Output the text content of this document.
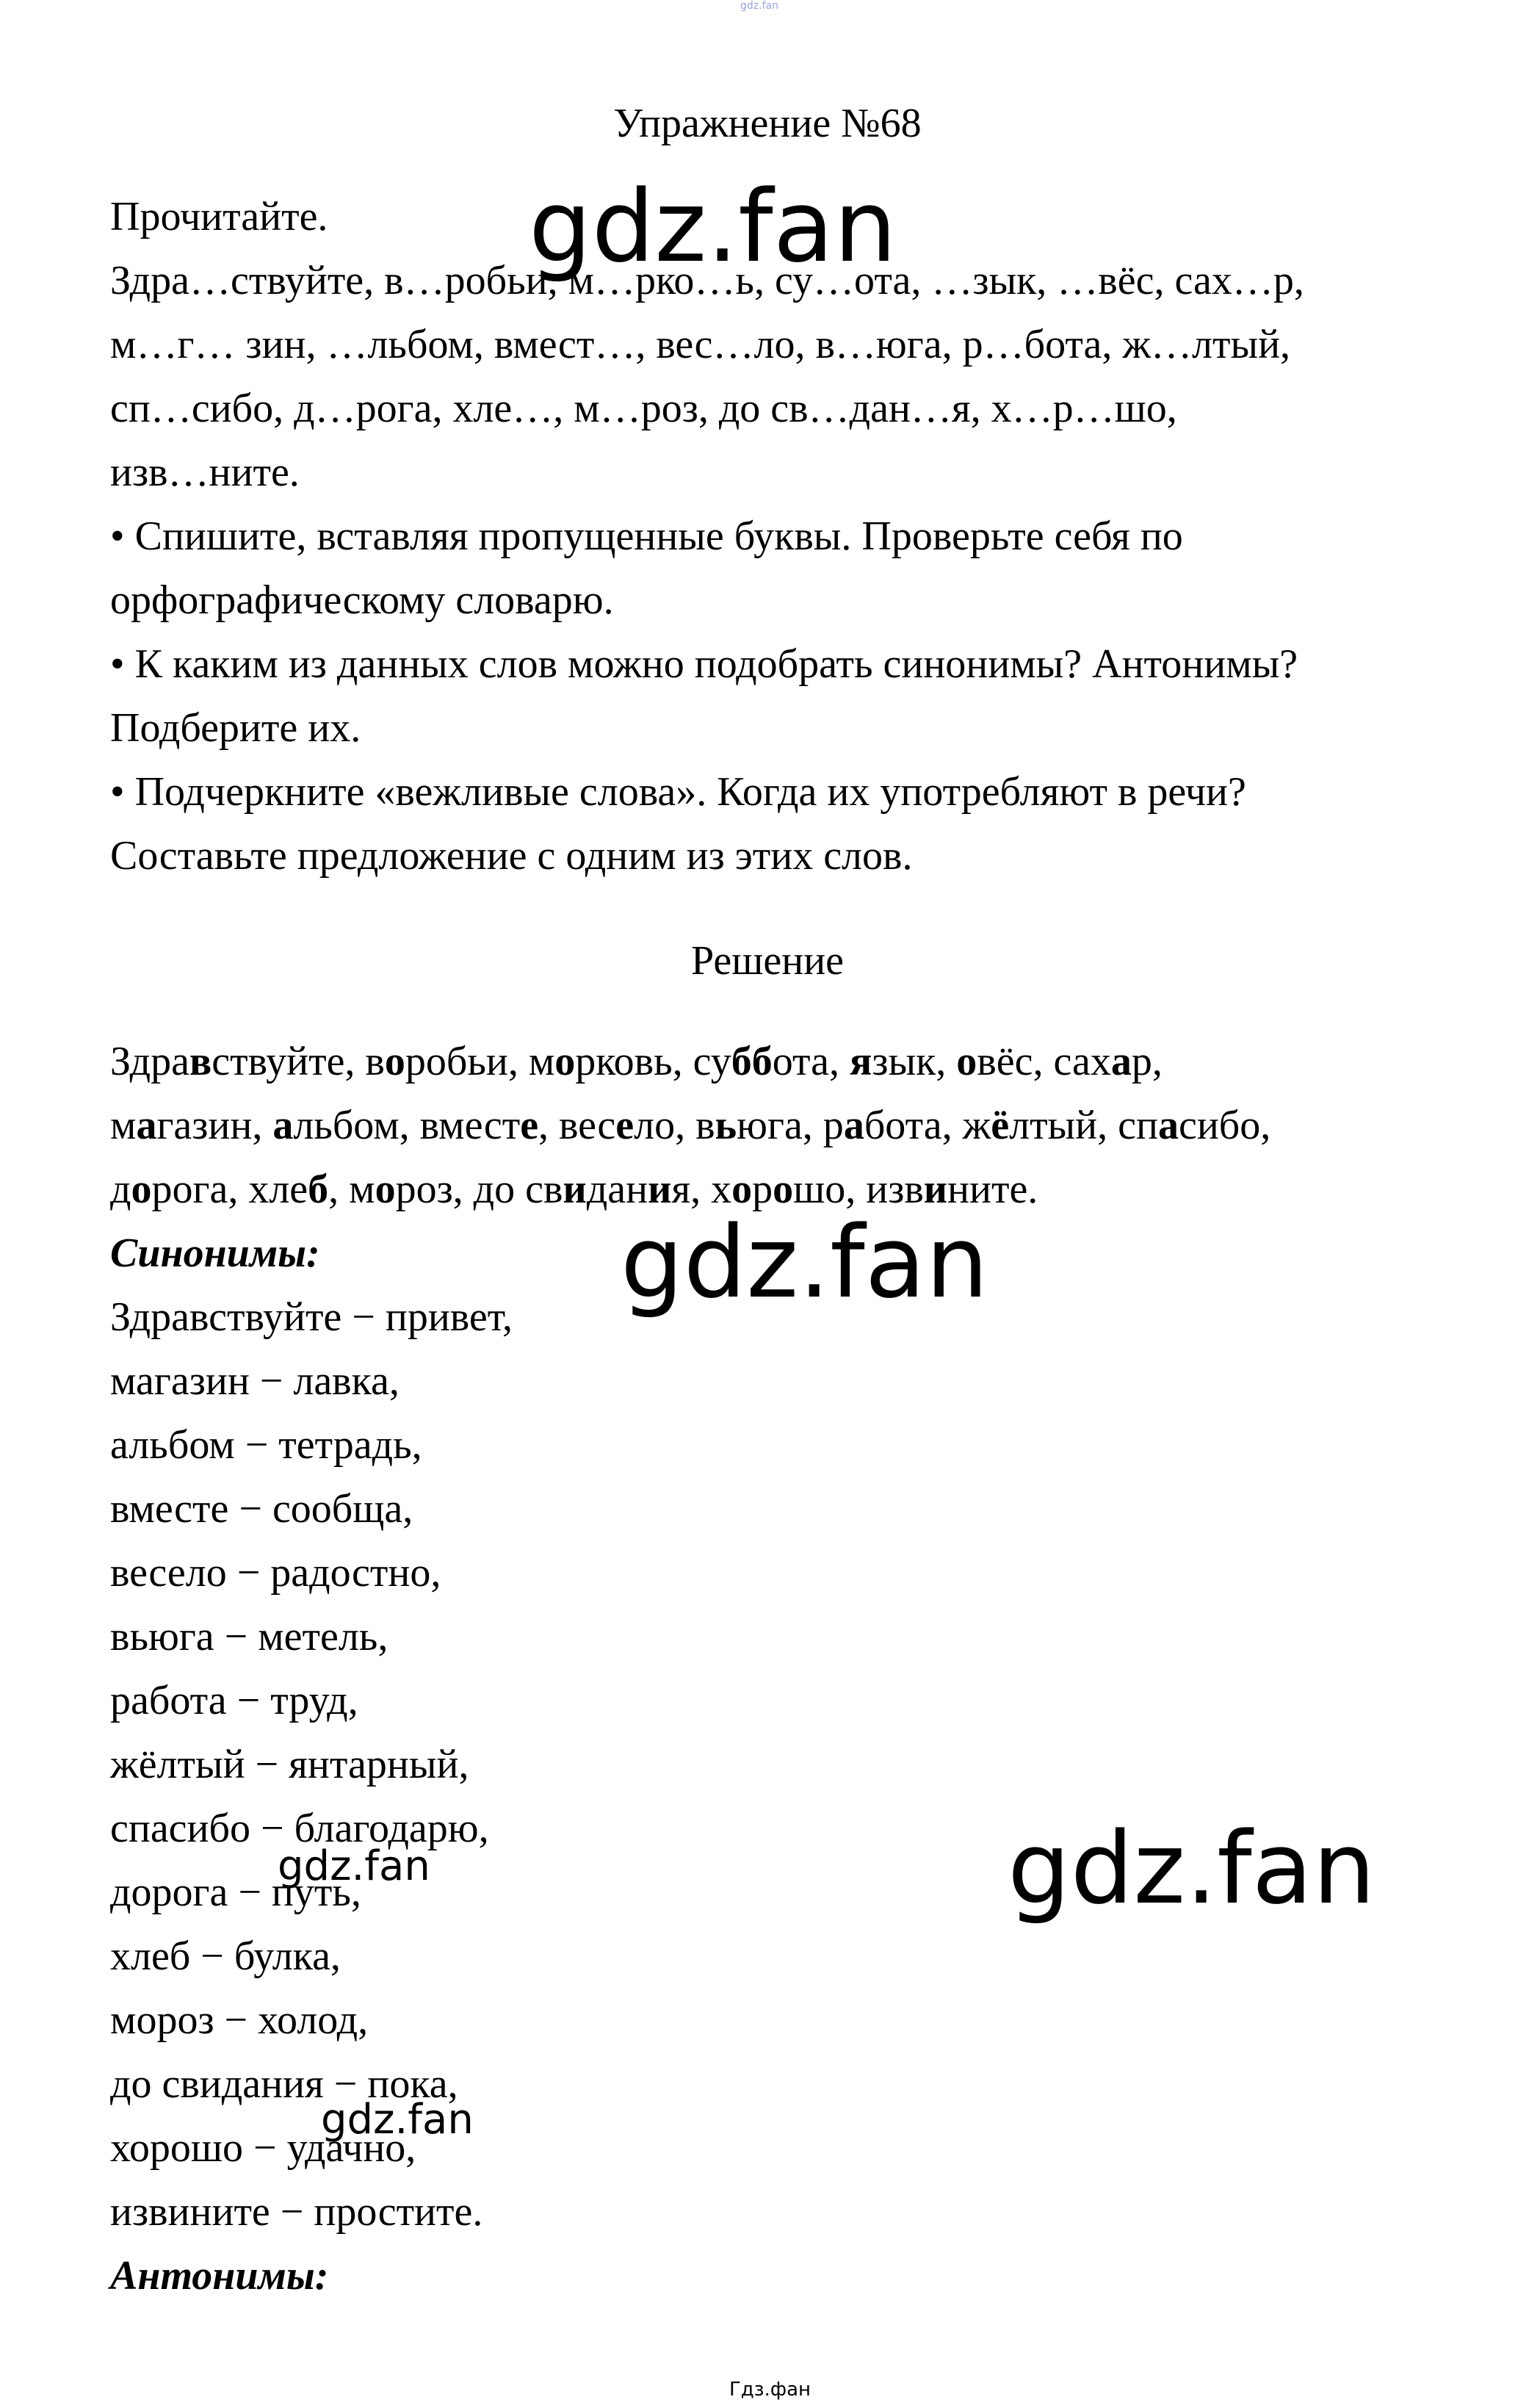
gdz.fan
Упражнение №68

Прочитайте.

Здра…ствуйте, в…робьи, м…рко…ь, су…ота, …зык, …вёс, сах…р,

м…г… зин, …льбом, вмест…, вес…ло, в…юга, р…бота, ж…лтый,

сп…сибо, д…рога, хле…, м…роз, до св…дан…я, х…р…шо,

изв…ните.

• Спишите, вставляя пропущенные буквы. Проверьте себя по

орфографическому словарю.

• К каким из данных слов можно подобрать синонимы? Антонимы?

Подберите их.

• Подчеркните «вежливые слова». Когда их употребляют в речи?

Составьте предложение с одним из этих слов.

Решение

Здравствуйте, воробьи, морковь, суббота, язык, овёс, сахар,

магазин, альбом, вместе, весело, вьюга, работа, жёлтый, спасибо,

дорога, хлеб, мороз, до свидания, хорошо, извините.

Синонимы:

Здравствуйте − привет,

магазин − лавка,

альбом − тетрадь,

вместе − сообща,

весело − радостно,

вьюга − метель,

работа − труд,

жёлтый − янтарный,

спасибо − благодарю,

дорога − путь,

хлеб − булка,

мороз − холод,

до свидания − пока,

хорошо − удачно,

извините − простите.

Антонимы:

gdz.fan
gdz.fan
gdz.fan
gdz.fan
gdz.fan
Гдз.фан
